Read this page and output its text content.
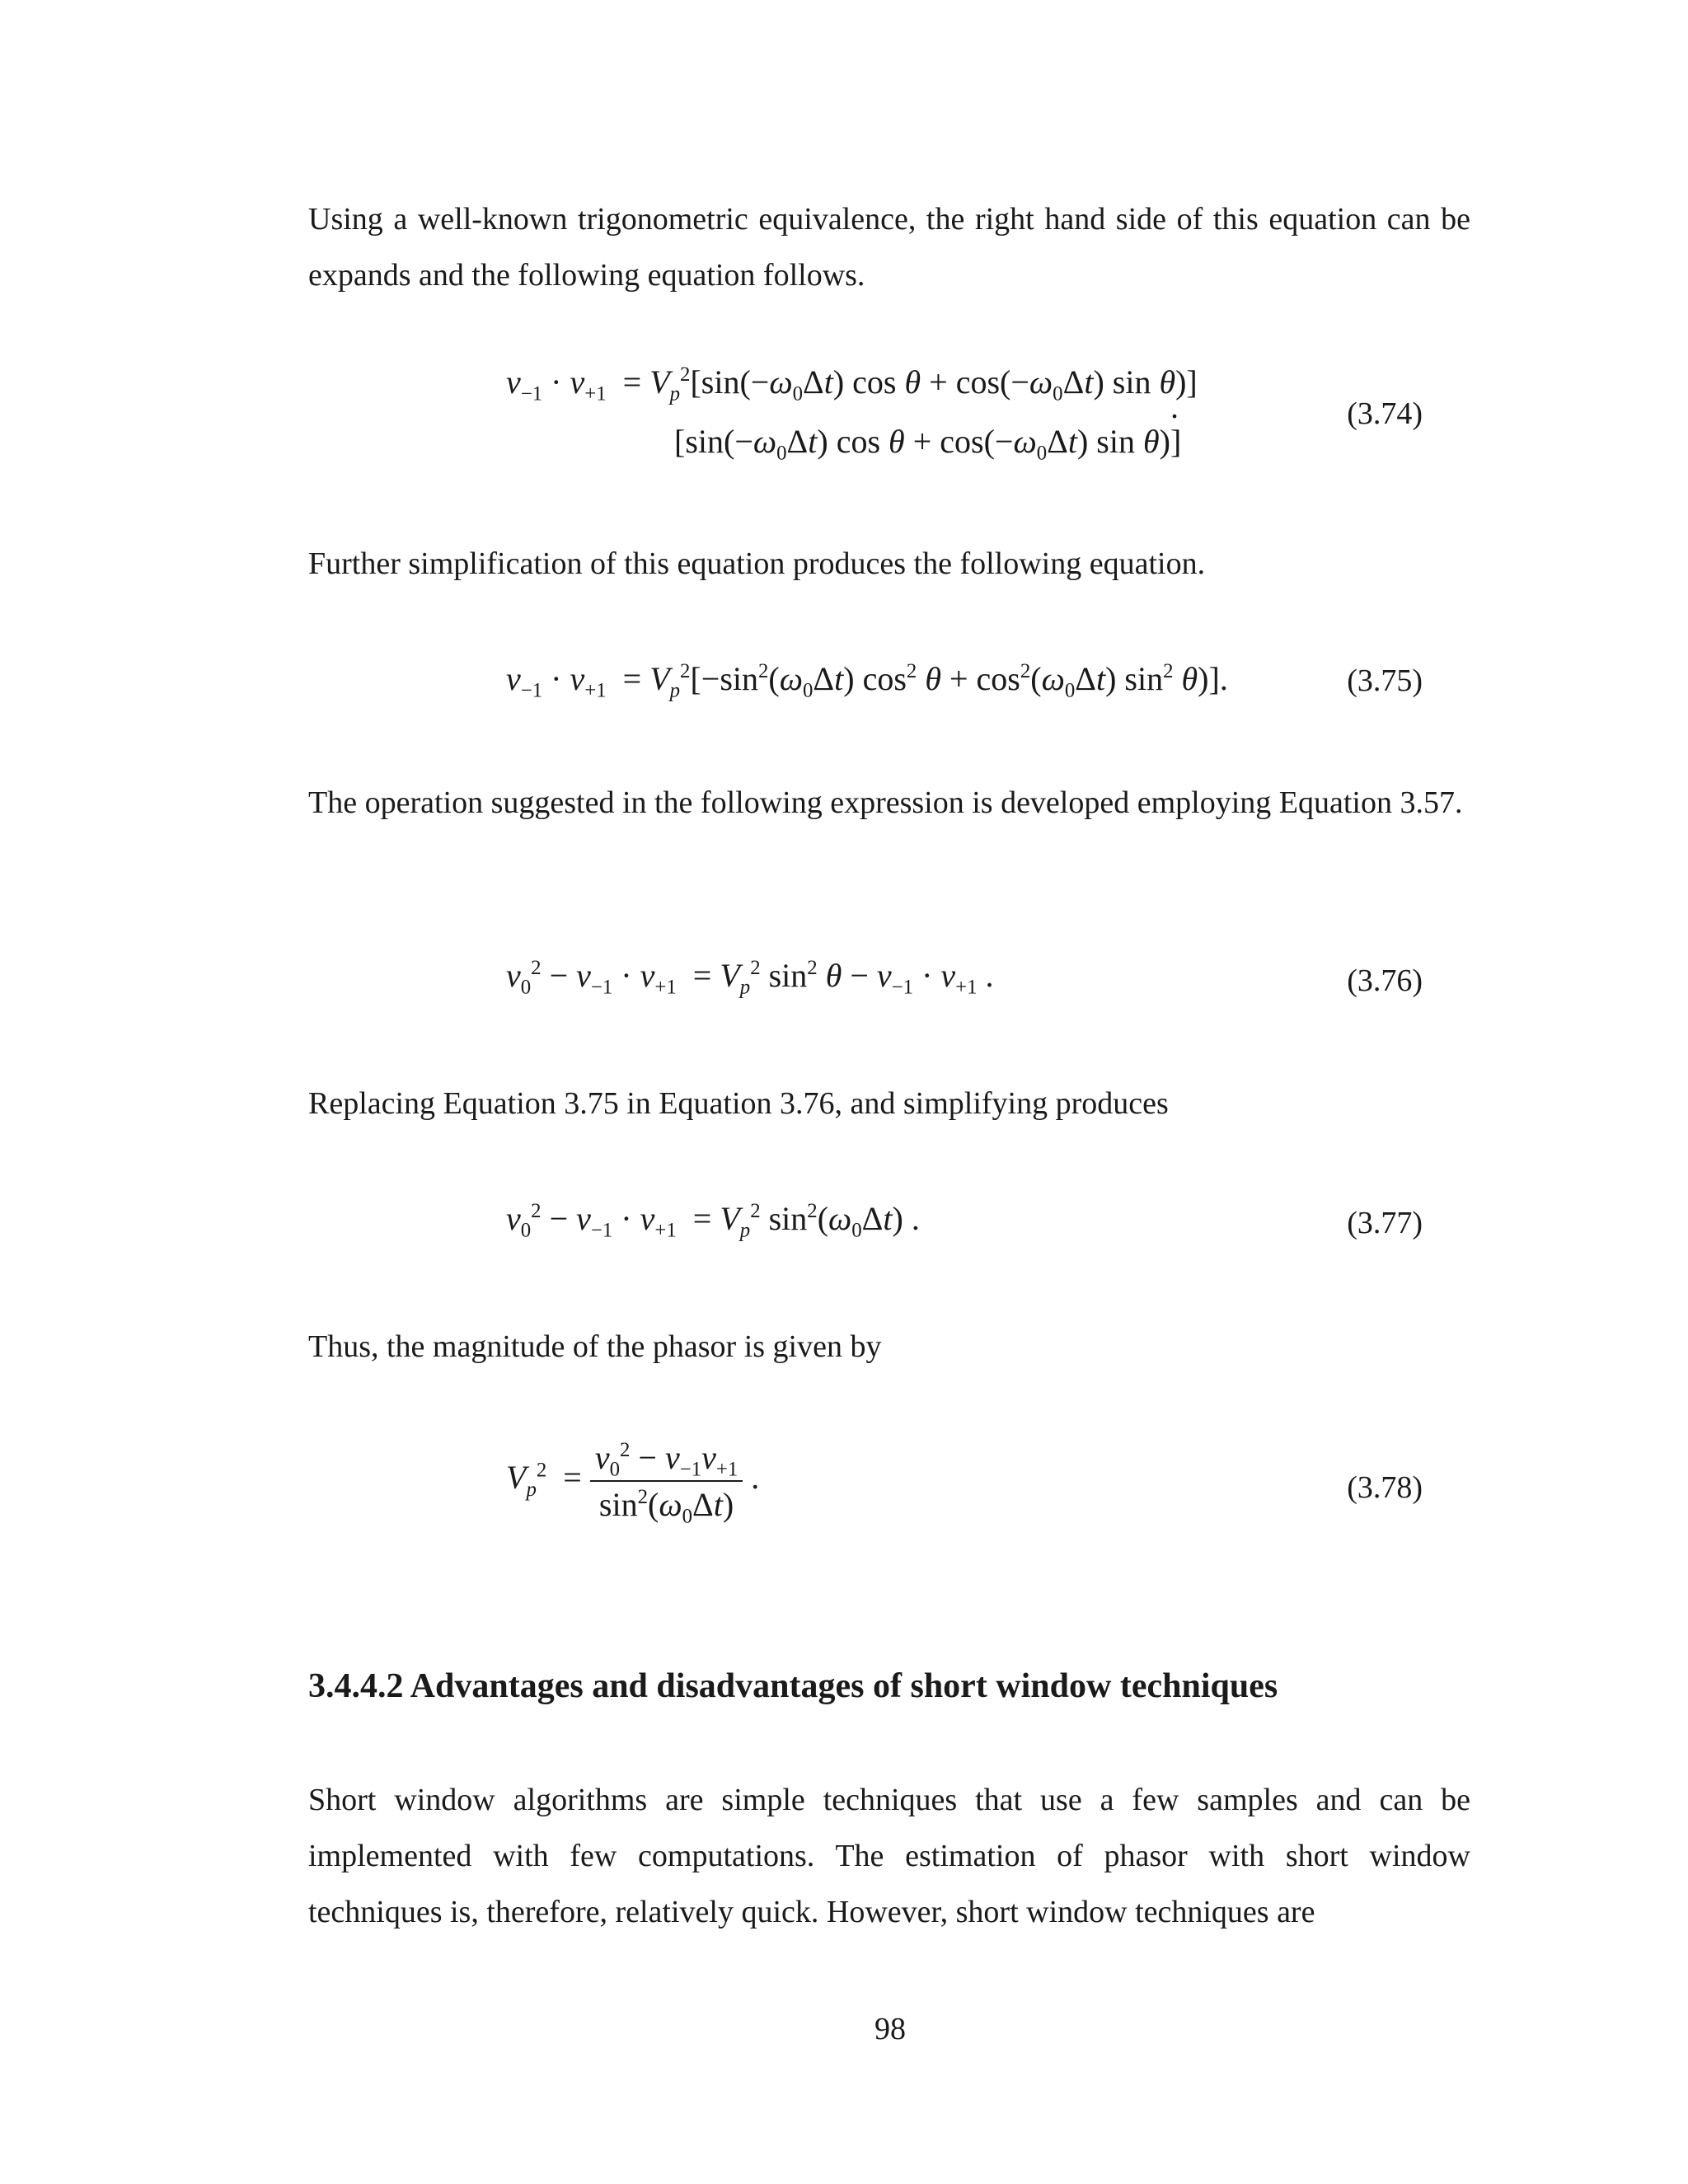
Using a well-known trigonometric equivalence, the right hand side of this equation can be expands and the following equation follows.

$v_{-1} \cdot v_{+1} = V_p^2[\sin(-\omega_0\Delta t)$ $\cos \theta + \cos(-\omega_0\Delta t)$ sin θ)]
[$\sin(-\omega_0\Delta t)$ $\cos \theta + \cos(-\omega_0\Delta t)$ sin θ)]
.	(3.74)

Further simplification of this equation produces the following equation.

$v_{-1} \cdot v_{+1} = V_p^2[-\sin^2(\omega_0\Delta t)$ $\cos^2 \theta + \cos^2(\omega_0\Delta t)$ $\sin^2 \theta$)].	(3.75)

The operation suggested in the following expression is developed employing Equation 3.57.

$v_0^2 - v_{-1} \cdot v_{+1} = V_p^2$ $\sin^2 \theta - v_{-1} \cdot v_{+1}$ .	(3.76)

Replacing Equation 3.75 in Equation 3.76, and simplifying produces

$v_0^2 - v_{-1} \cdot v_{+1} = V_p^2$ $\sin^2(\omega_0\Delta t)$ .	(3.77)

Thus, the magnitude of the phasor is given by

$V_p^2 = \frac{v_0^2 - v_{-1}v_{+1}}{\sin^2(\omega_0\Delta t)}$ .	(3.78)
3.4.4.2 Advantages and disadvantages of short window techniques

Short window algorithms are simple techniques that use a few samples and can be implemented with few computations. The estimation of phasor with short window techniques is, therefore, relatively quick. However, short window techniques are

98
